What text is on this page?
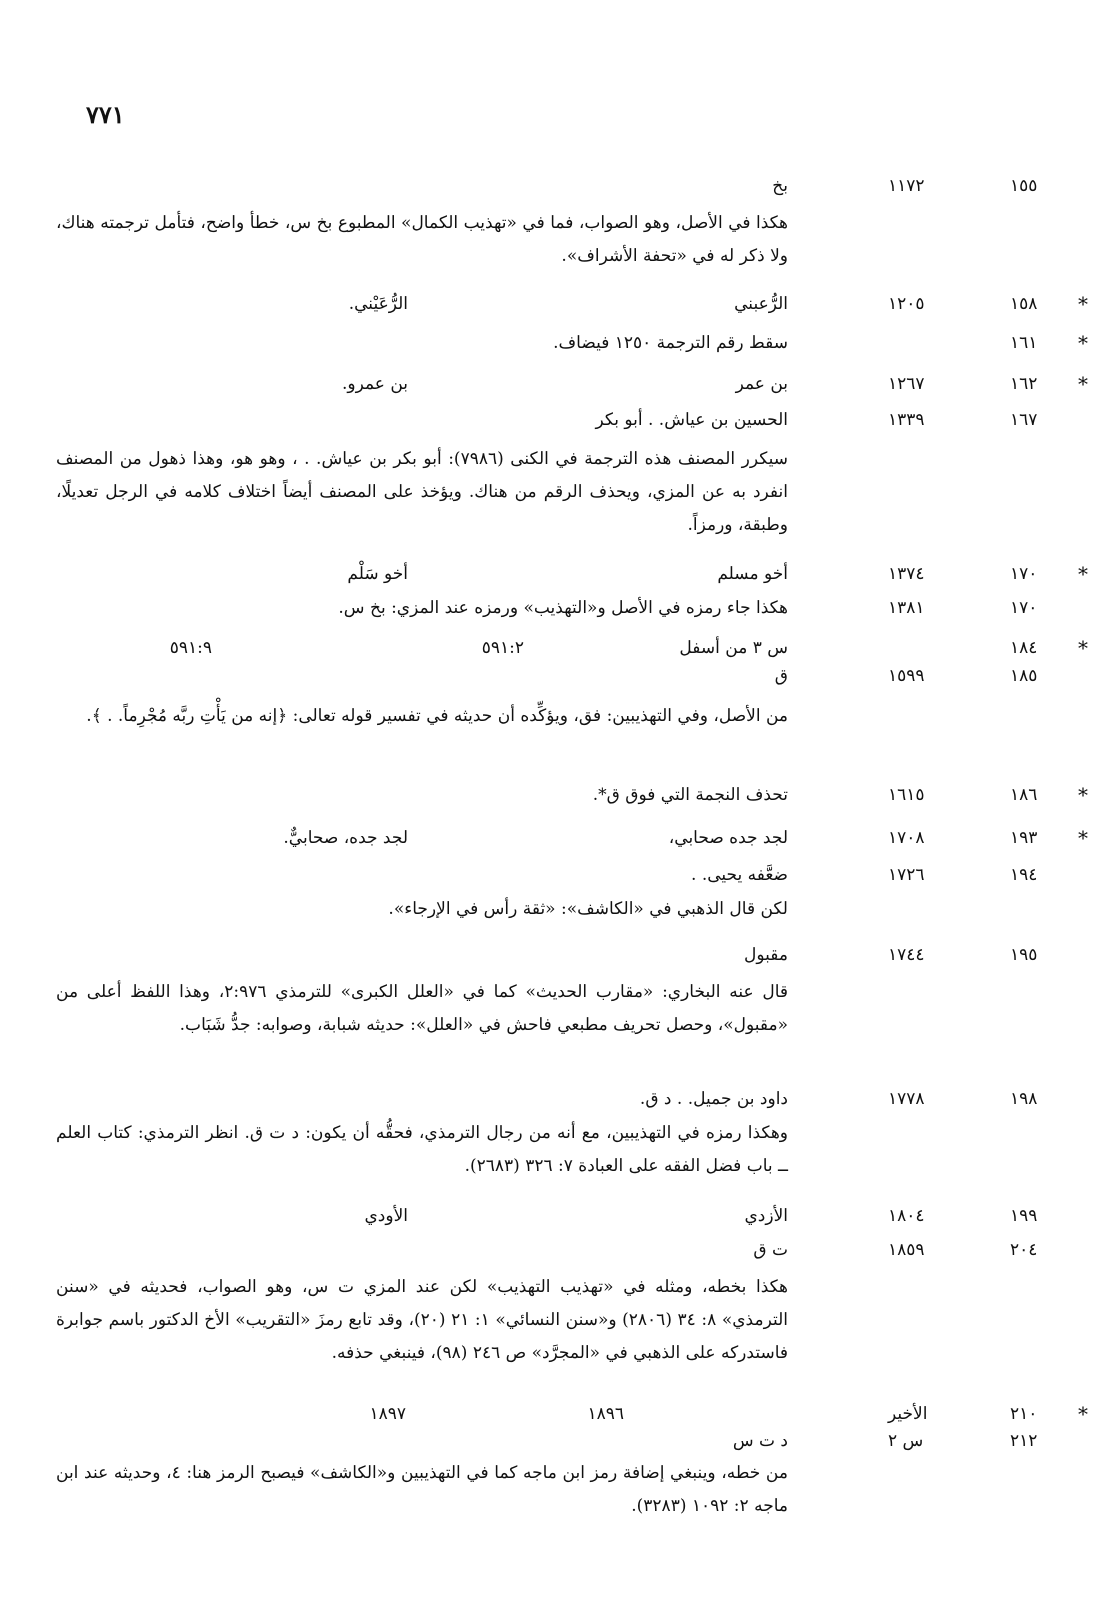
٧٧١
١٥٥
١١٧٢
بخ
هكذا في الأصل، وهو الصواب، فما في «تهذيب الكمال» المطبوع بخ س، خطأ واضح، فتأمل ترجمته هناك، ولا ذكر له في «تحفة الأشراف».
*
١٥٨
١٢٠٥
الرُّعبني
الرُّعَيْني.
*
١٦١
سقط رقم الترجمة ١٢٥٠ فيضاف.
*
١٦٢
١٢٦٧
بن عمر
بن عمرو.
١٦٧
١٣٣٩
الحسين بن عياش. . أبو بكر
سيكرر المصنف هذه الترجمة في الكنى (٧٩٨٦): أبو بكر بن عياش. . ، وهو هو، وهذا ذهول من المصنف انفرد به عن المزي، ويحذف الرقم من هناك. ويؤخذ على المصنف أيضاً اختلاف كلامه في الرجل تعديلًا، وطبقة، ورمزاً.
*
١٧٠
١٣٧٤
أخو مسلم
أخو سَلْم
١٧٠
١٣٨١
هكذا جاء رمزه في الأصل و«التهذيب» ورمزه عند المزي: بخ س.
*
١٨٤
س ٣ من أسفل
٥٩١:٢
٥٩١:٩
١٨٥
١٥٩٩
ق
من الأصل، وفي التهذيبين: فق، ويؤكِّده أن حديثه في تفسير قوله تعالى: ﴿إنه من يَأْتِ ربَّه مُجْرِماً. . ﴾.
*
١٨٦
١٦١٥
تحذف النجمة التي فوق ق*.
*
١٩٣
١٧٠٨
لجد جده صحابي،
لجد جده، صحابيٌّ.
١٩٤
١٧٢٦
ضعَّفه يحيى. .
لكن قال الذهبي في «الكاشف»: «ثقة رأس في الإرجاء».
١٩٥
١٧٤٤
مقبول
قال عنه البخاري: «مقارب الحديث» كما في «العلل الكبرى» للترمذي ٢:٩٧٦، وهذا اللفظ أعلى من «مقبول»، وحصل تحريف مطبعي فاحش في «العلل»: حديثه شبابة، وصوابه: جدُّ شَبَاب.
١٩٨
١٧٧٨
داود بن جميل. . د ق.
وهكذا رمزه في التهذيبين، مع أنه من رجال الترمذي، فحقُّه أن يكون: د ت ق. انظر الترمذي: كتاب العلم ــ باب فضل الفقه على العبادة ٧: ٣٢٦ (٢٦٨٣).
١٩٩
١٨٠٤
الأزدي
الأودي
٢٠٤
١٨٥٩
ت ق
هكذا بخطه، ومثله في «تهذيب التهذيب» لكن عند المزي ت س، وهو الصواب، فحديثه في «سنن الترمذي» ٨: ٣٤ (٢٨٠٦) و«سنن النسائي» ١: ٢١ (٢٠)، وقد تابع رمزَ «التقريب» الأخ الدكتور باسم جوابرة فاستدركه على الذهبي في «المجرَّد» ص ٢٤٦ (٩٨)، فينبغي حذفه.
*
٢١٠
الأخير
١٨٩٦
١٨٩٧
٢١٢
س ٢
د ت س
من خطه، وينبغي إضافة رمز ابن ماجه كما في التهذيبين و«الكاشف» فيصبح الرمز هنا: ٤، وحديثه عند ابن ماجه ٢: ١٠٩٢ (٣٢٨٣).
